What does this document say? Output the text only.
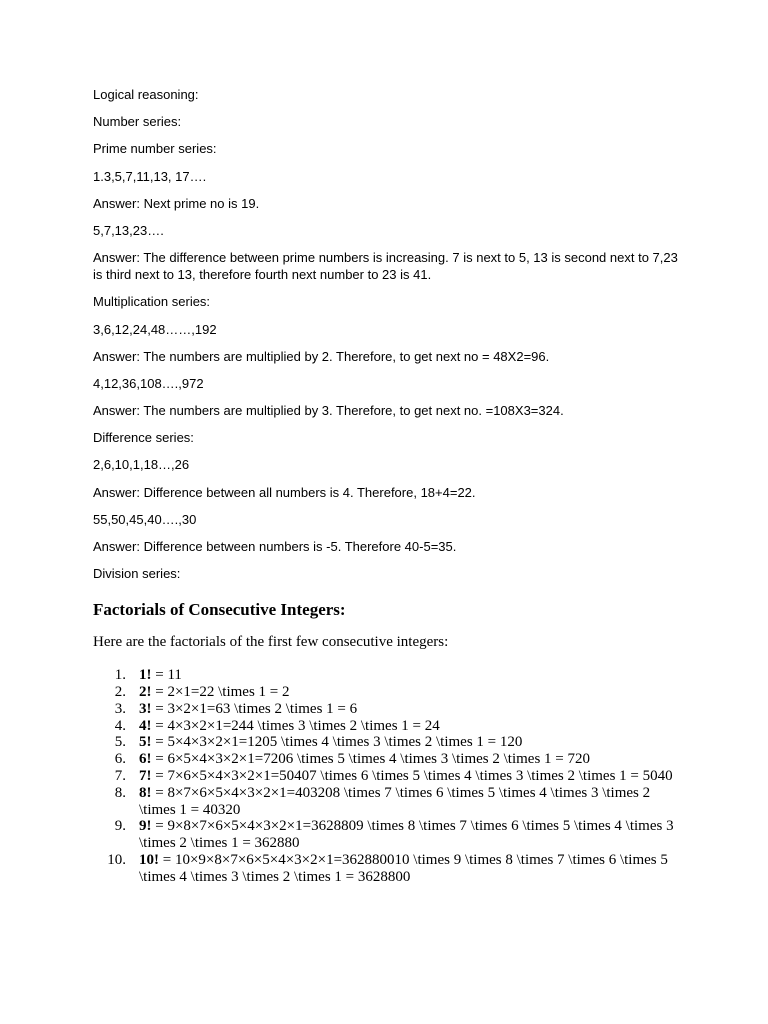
Logical reasoning:

Number series:

Prime number series:

1.3,5,7,11,13, 17….

Answer: Next prime no is 19.

5,7,13,23….

Answer: The difference between prime numbers is increasing. 7 is next to 5, 13 is second next to 7,23 is third next to 13, therefore fourth next number to 23 is 41.

Multiplication series:

3,6,12,24,48……,192

Answer: The numbers are multiplied by 2. Therefore, to get next no = 48X2=96.

4,12,36,108….,972

Answer: The numbers are multiplied by 3. Therefore, to get next no. =108X3=324.

Difference series:

2,6,10,1,18…,26

Answer: Difference between all numbers is 4. Therefore, 18+4=22.

55,50,45,40….,30

Answer: Difference between numbers is -5. Therefore 40-5=35.

Division series:

Factorials of Consecutive Integers:

Here are the factorials of the first few consecutive integers:

1. 1! = 11
2. 2! = 2×1=22 \times 1 = 2
3. 3! = 3×2×1=63 \times 2 \times 1 = 6
4. 4! = 4×3×2×1=244 \times 3 \times 2 \times 1 = 24
5. 5! = 5×4×3×2×1=1205 \times 4 \times 3 \times 2 \times 1 = 120
6. 6! = 6×5×4×3×2×1=7206 \times 5 \times 4 \times 3 \times 2 \times 1 = 720
7. 7! = 7×6×5×4×3×2×1=50407 \times 6 \times 5 \times 4 \times 3 \times 2 \times 1 = 5040
8. 8! = 8×7×6×5×4×3×2×1=403208 \times 7 \times 6 \times 5 \times 4 \times 3 \times 2 \times 1 = 40320
9. 9! = 9×8×7×6×5×4×3×2×1=3628809 \times 8 \times 7 \times 6 \times 5 \times 4 \times 3 \times 2 \times 1 = 362880
10. 10! = 10×9×8×7×6×5×4×3×2×1=362880010 \times 9 \times 8 \times 7 \times 6 \times 5 \times 4 \times 3 \times 2 \times 1 = 3628800
